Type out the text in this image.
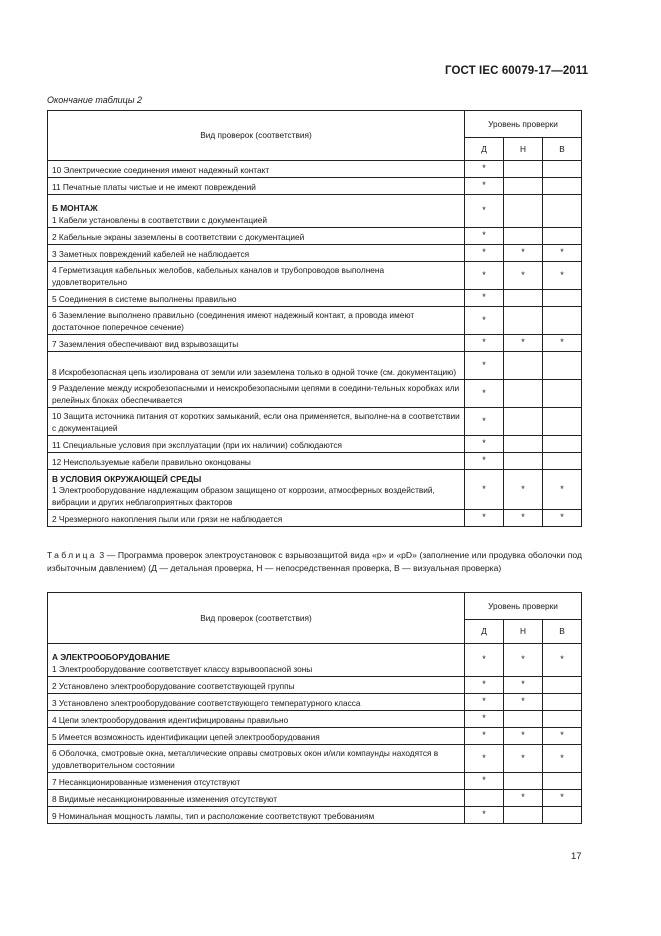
ГОСТ IEC 60079-17—2011
Окончание таблицы 2
Вид проверок (соответствия)	Уровень проверки		
	Д	Н	В
10 Электрические соединения имеют надежный контакт	*		
11 Печатные платы чистые и не имеют повреждений	*		

Б МОНТАЖ
1 Кабели установлены в соответствии с документацией	*		
2 Кабельные экраны заземлены в соответствии с документацией	*		
3 Заметных повреждений кабелей не наблюдается	*	*	*
4 Герметизация кабельных желобов, кабельных каналов и трубопроводов выполнена удовлетворительно	*	*	*
5 Соединения в системе выполнены правильно	*		
6 Заземление выполнено правильно (соединения имеют надежный контакт, а провода имеют достаточное поперечное сечение)	*		
7 Заземления обеспечивают вид взрывозащиты	*	*	*
8 Искробезопасная цепь изолирована от земли или заземлена только в одной точке (см. документацию)	*		
9 Разделение между искробезопасными и неискробезопасными цепями в соедини-тельных коробках или релейных блоках обеспечивается	*		
10 Защита источника питания от коротких замыканий, если она применяется, выполне-на в соответствии с документацией	*		
11 Специальные условия при эксплуатации (при их наличии) соблюдаются	*		
12 Неиспользуемые кабели правильно оконцованы	*		

В УСЛОВИЯ ОКРУЖАЮЩЕЙ СРЕДЫ
1 Электрооборудование надлежащим образом защищено от коррозии, атмосферных воздействий, вибрации и других неблагоприятных факторов	*	*	*
2 Чрезмерного накопления пыли или грязи не наблюдается	*	*	*
Таблица 3 — Программа проверок электроустановок с взрывозащитой вида «р» и «pD» (заполнение или продувка оболочки под избыточным давлением) (Д — детальная проверка, Н — непосредственная проверка, В — визуальная проверка)
Вид проверок (соответствия)	Уровень проверки		
	Д	Н	В

А ЭЛЕКТРООБОРУДОВАНИЕ
1 Электрооборудование соответствует классу взрывоопасной зоны	*	*	*
2 Установлено электрооборудование соответствующей группы	*	*	
3 Установлено электрооборудование соответствующего температурного класса	*	*	
4 Цепи электрооборудования идентифицированы правильно	*		
5 Имеется возможность идентификации цепей электрооборудования	*	*	*
6 Оболочка, смотровые окна, металлические оправы смотровых окон и/или компаунды находятся в удовлетворительном состоянии	*	*	*
7 Несанкционированные изменения отсутствуют	*		
8 Видимые несанкционированные изменения отсутствуют		*	*
9 Номинальная мощность лампы, тип и расположение соответствуют требованиям	*		
17
